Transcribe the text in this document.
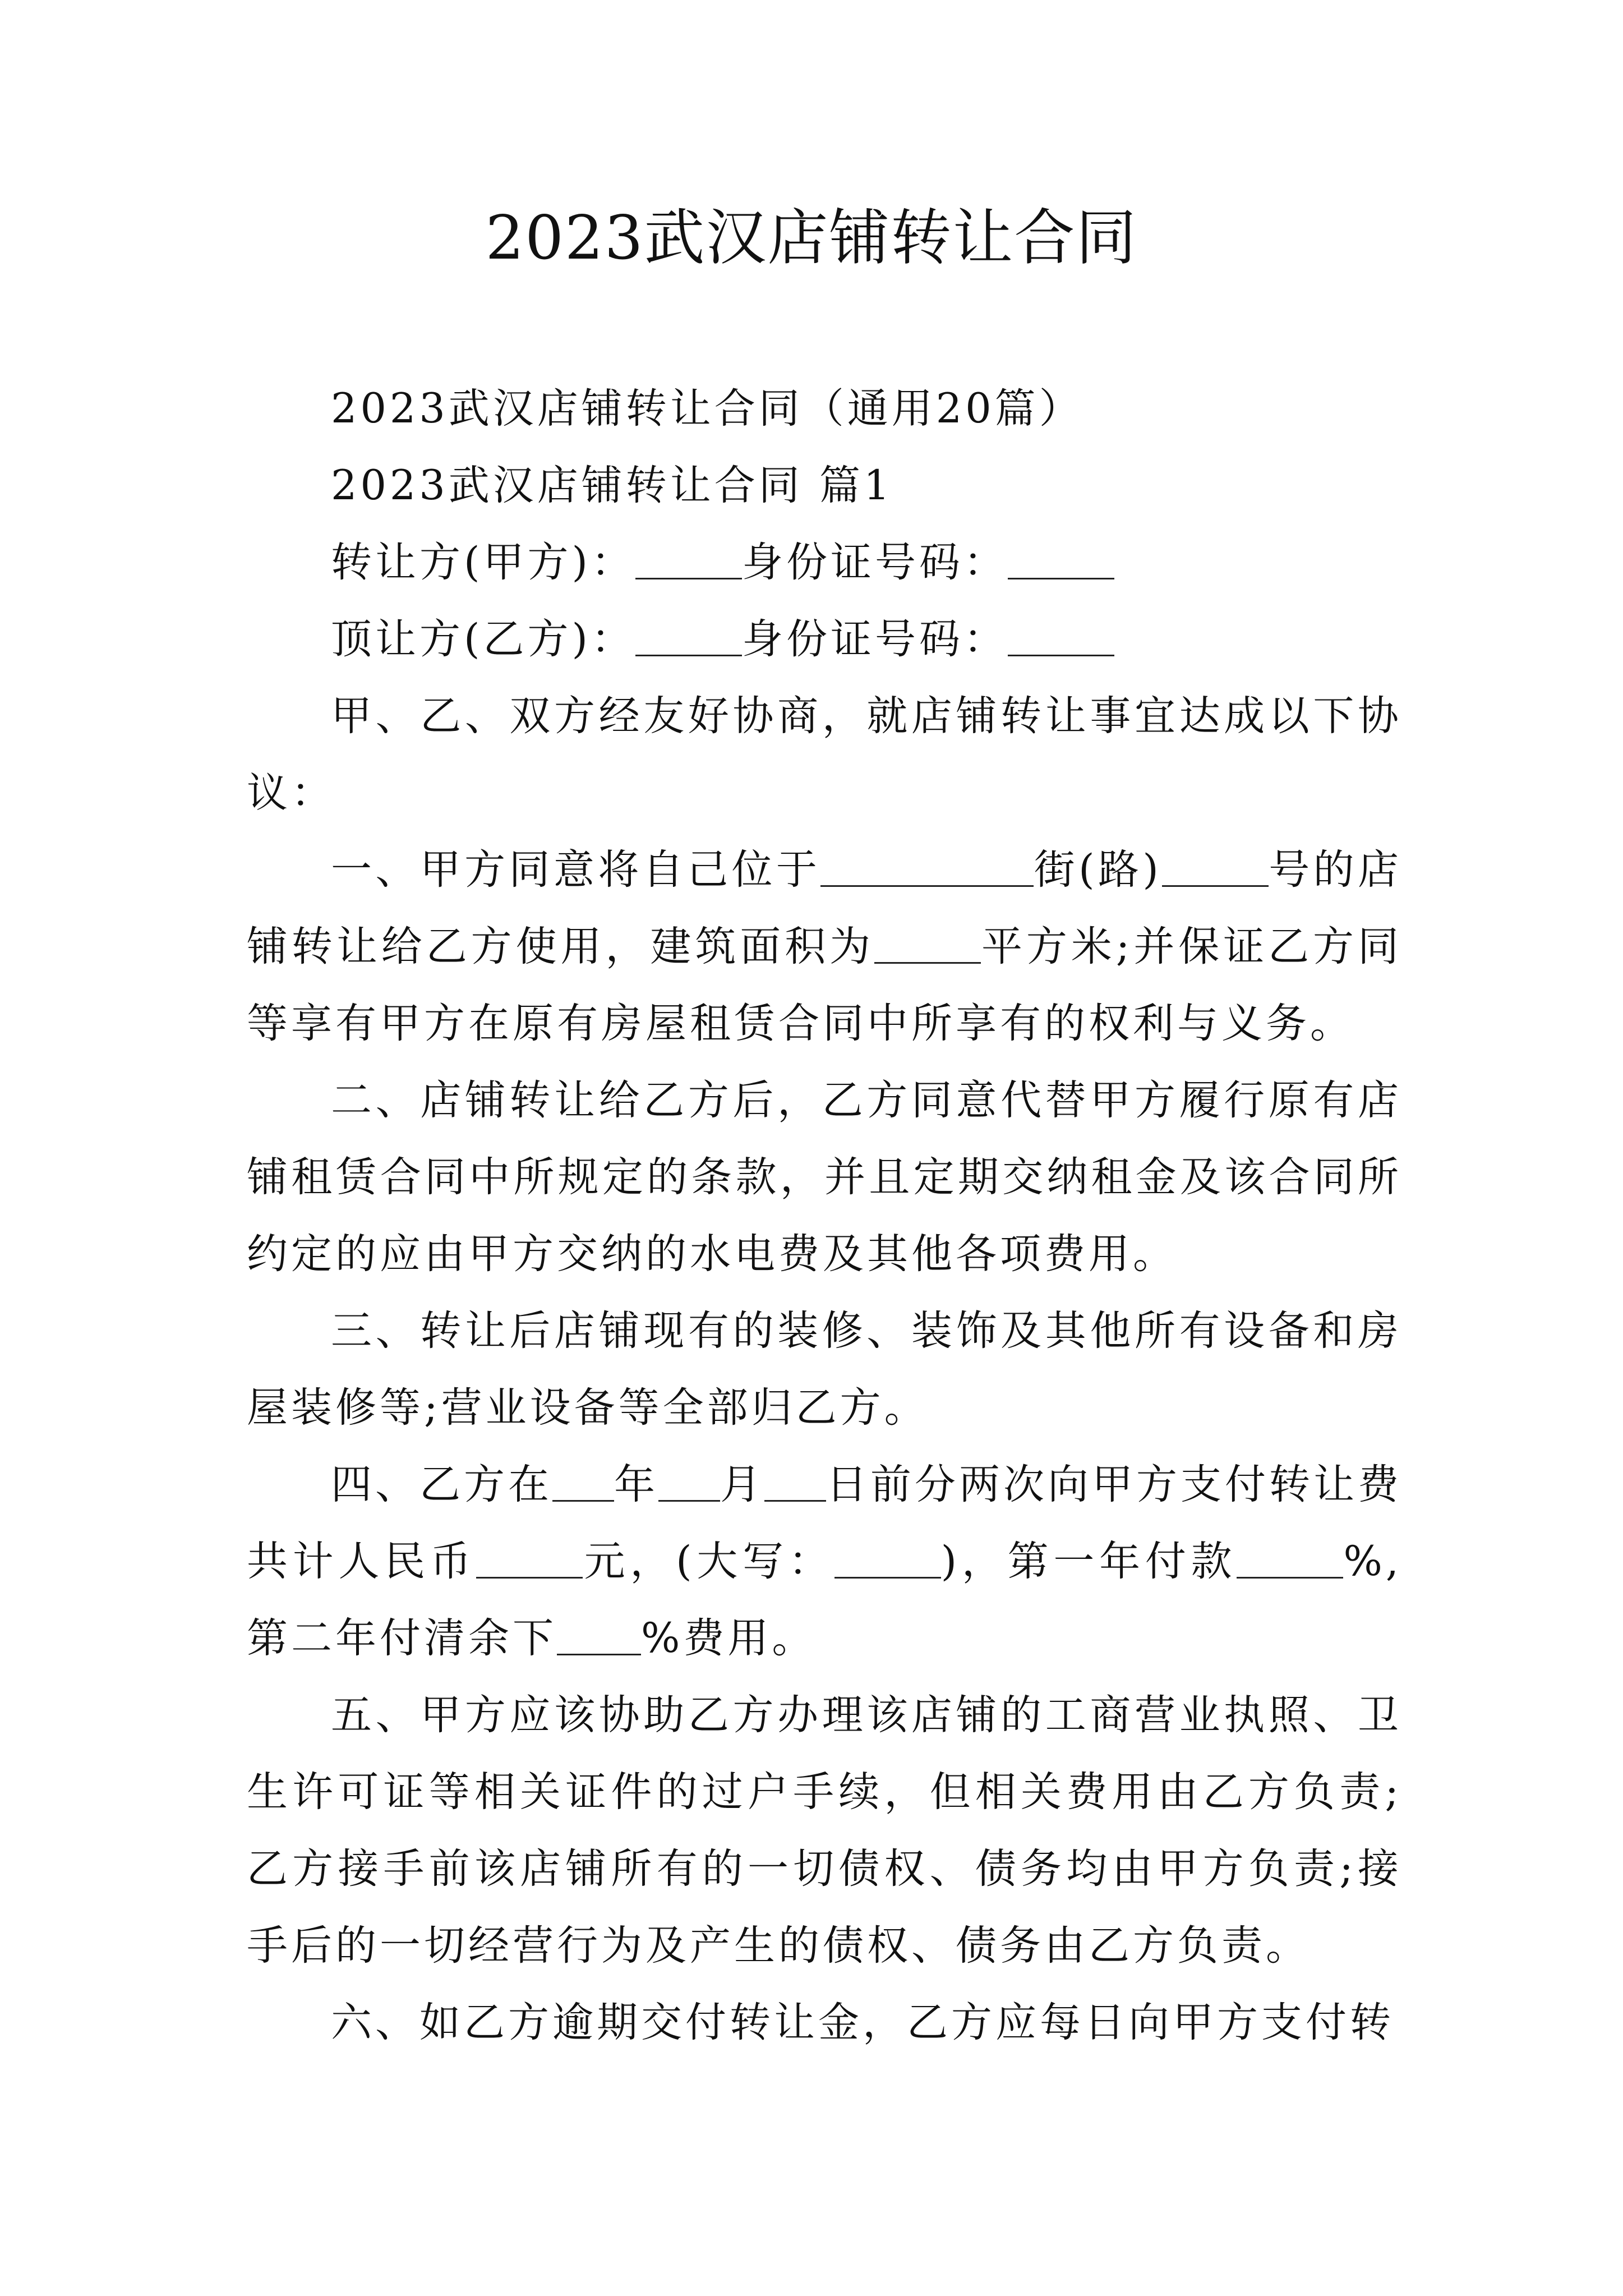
2023武汉店铺转让合同

2023武汉店铺转让合同（通用20篇）

2023武汉店铺转让合同 篇1

转让方(甲方)：	身份证号码：

顶让方(乙方)：	身份证号码：

甲、乙、双方经友好协商，就店铺转让事宜达成以下协议：

一、甲方同意将自己位于	街(路)	号的店铺转让给乙方使用，建筑面积为	平方米;并保证乙方同等享有甲方在原有房屋租赁合同中所享有的权利与义务。

二、店铺转让给乙方后，乙方同意代替甲方履行原有店铺租赁合同中所规定的条款，并且定期交纳租金及该合同所约定的应由甲方交纳的水电费及其他各项费用。

三、转让后店铺现有的装修、装饰及其他所有设备和房屋装修等;营业设备等全部归乙方。

四、乙方在 年 月 日前分两次向甲方支付转让费共计人民币	元，(大写：	)，第一年付款	%,第二年付清余下 %费用。

五、甲方应该协助乙方办理该店铺的工商营业执照、卫生许可证等相关证件的过户手续，但相关费用由乙方负责;乙方接手前该店铺所有的一切债权、债务均由甲方负责;接手后的一切经营行为及产生的债权、债务由乙方负责。

六、如乙方逾期交付转让金，乙方应每日向甲方支付转
